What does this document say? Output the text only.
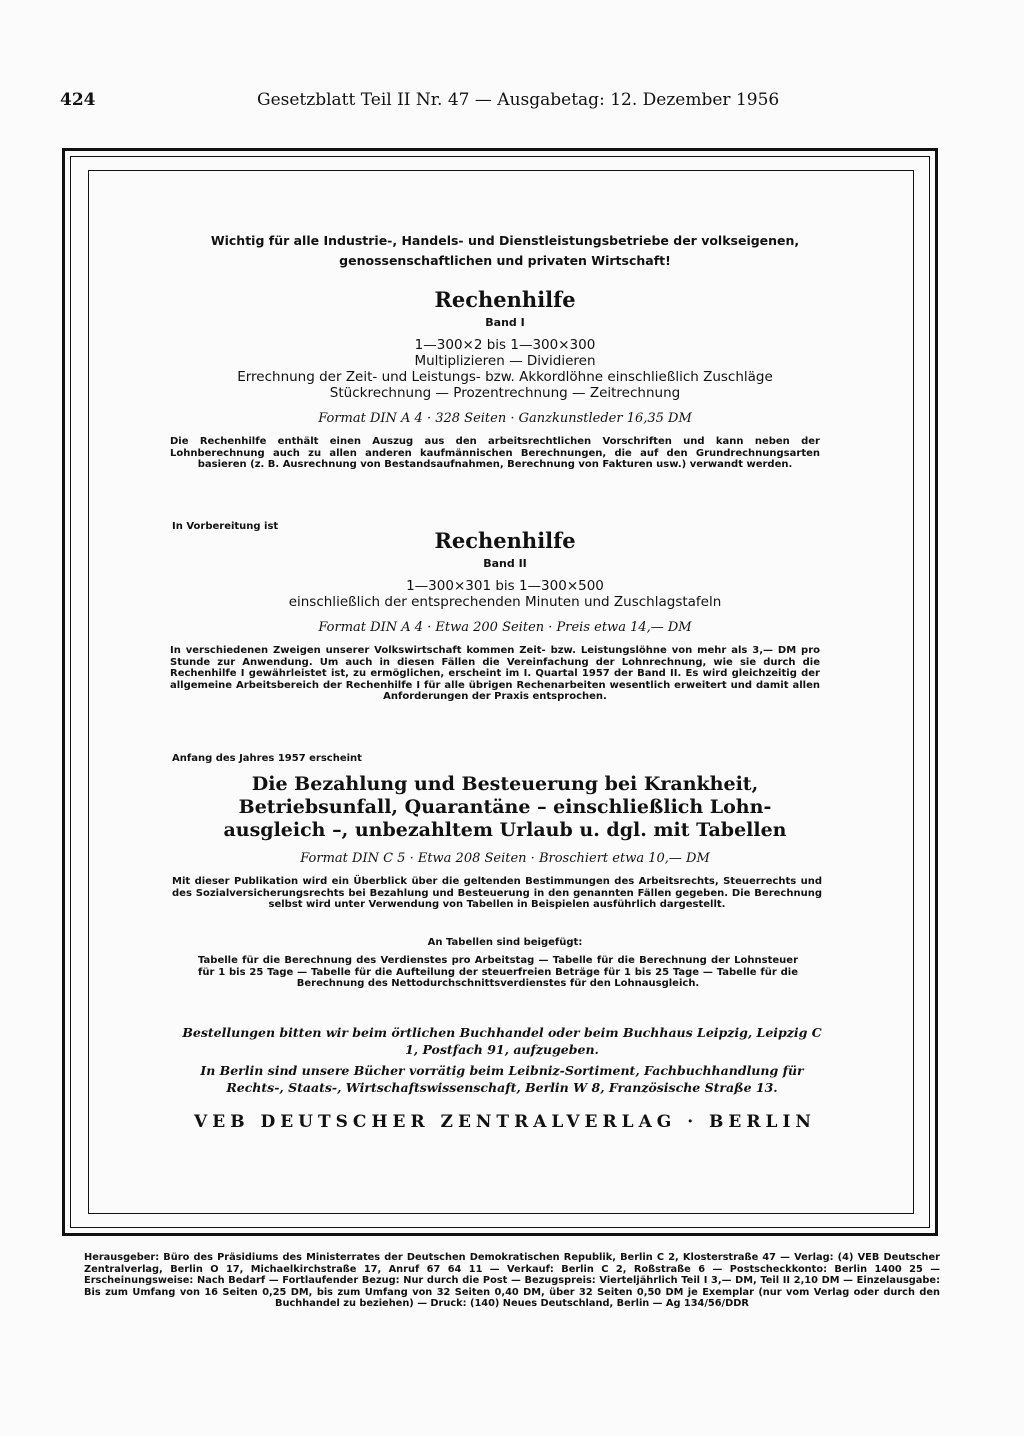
424	Gesetzblatt Teil II Nr. 47 — Ausgabetag: 12. Dezember 1956
Wichtig für alle Industrie-, Handels- und Dienstleistungsbetriebe der volkseigenen,
genossenschaftlichen und privaten Wirtschaft!
Rechenhilfe
Band I
1—300×2 bis 1—300×300
Multiplizieren — Dividieren
Errechnung der Zeit- und Leistungs- bzw. Akkordlöhne einschließlich Zuschläge
Stückrechnung — Prozentrechnung — Zeitrechnung
Format DIN A 4 · 328 Seiten · Ganzkunstleder 16,35 DM
Die Rechenhilfe enthält einen Auszug aus den arbeitsrechtlichen Vorschriften und kann neben der Lohnberechnung auch zu allen anderen kaufmännischen Berechnungen, die auf den Grundrechnungsarten basieren (z. B. Ausrechnung von Bestandsaufnahmen, Berechnung von Fakturen usw.) verwandt werden.
In Vorbereitung ist
Rechenhilfe
Band II
1—300×301 bis 1—300×500
einschließlich der entsprechenden Minuten und Zuschlagstafeln
Format DIN A 4 · Etwa 200 Seiten · Preis etwa 14,— DM
In verschiedenen Zweigen unserer Volkswirtschaft kommen Zeit- bzw. Leistungslöhne von mehr als 3,— DM pro Stunde zur Anwendung. Um auch in diesen Fällen die Vereinfachung der Lohnrechnung, wie sie durch die Rechenhilfe I gewährleistet ist, zu ermöglichen, erscheint im I. Quartal 1957 der Band II. Es wird gleichzeitig der allgemeine Arbeitsbereich der Rechenhilfe I für alle übrigen Rechenarbeiten wesentlich erweitert und damit allen Anforderungen der Praxis entsprochen.
Anfang des Jahres 1957 erscheint
Die Bezahlung und Besteuerung bei Krankheit,
Betriebsunfall, Quarantäne – einschließlich Lohn-
ausgleich –, unbezahltem Urlaub u. dgl. mit Tabellen
Format DIN C 5 · Etwa 208 Seiten · Broschiert etwa 10,— DM
Mit dieser Publikation wird ein Überblick über die geltenden Bestimmungen des Arbeitsrechts, Steuerrechts und des Sozialversicherungsrechts bei Bezahlung und Besteuerung in den genannten Fällen gegeben. Die Berechnung selbst wird unter Verwendung von Tabellen in Beispielen ausführlich dargestellt.
An Tabellen sind beigefügt:
Tabelle für die Berechnung des Verdienstes pro Arbeitstag — Tabelle für die Berechnung der Lohnsteuer für 1 bis 25 Tage — Tabelle für die Aufteilung der steuerfreien Beträge für 1 bis 25 Tage — Tabelle für die Berechnung des Nettodurchschnittsverdienstes für den Lohnausgleich.
Bestellungen bitten wir beim örtlichen Buchhandel oder beim Buchhaus Leipzig, Leipzig C 1, Postfach 91, aufzugeben.
In Berlin sind unsere Bücher vorrätig beim Leibniz-Sortiment, Fachbuchhandlung für Rechts-, Staats-, Wirtschaftswissenschaft, Berlin W 8, Französische Straße 13.
VEB DEUTSCHER ZENTRALVERLAG · BERLIN
Herausgeber: Büro des Präsidiums des Ministerrates der Deutschen Demokratischen Republik, Berlin C 2, Klosterstraße 47 — Verlag: (4) VEB Deutscher Zentralverlag, Berlin O 17, Michaelkirchstraße 17, Anruf 67 64 11 — Verkauf: Berlin C 2, Roßstraße 6 — Postscheckkonto: Berlin 1400 25 — Erscheinungsweise: Nach Bedarf — Fortlaufender Bezug: Nur durch die Post — Bezugspreis: Vierteljährlich Teil I 3,— DM, Teil II 2,10 DM — Einzelausgabe: Bis zum Umfang von 16 Seiten 0,25 DM, bis zum Umfang von 32 Seiten 0,40 DM, über 32 Seiten 0,50 DM je Exemplar (nur vom Verlag oder durch den Buchhandel zu beziehen) — Druck: (140) Neues Deutschland, Berlin — Ag 134/56/DDR
